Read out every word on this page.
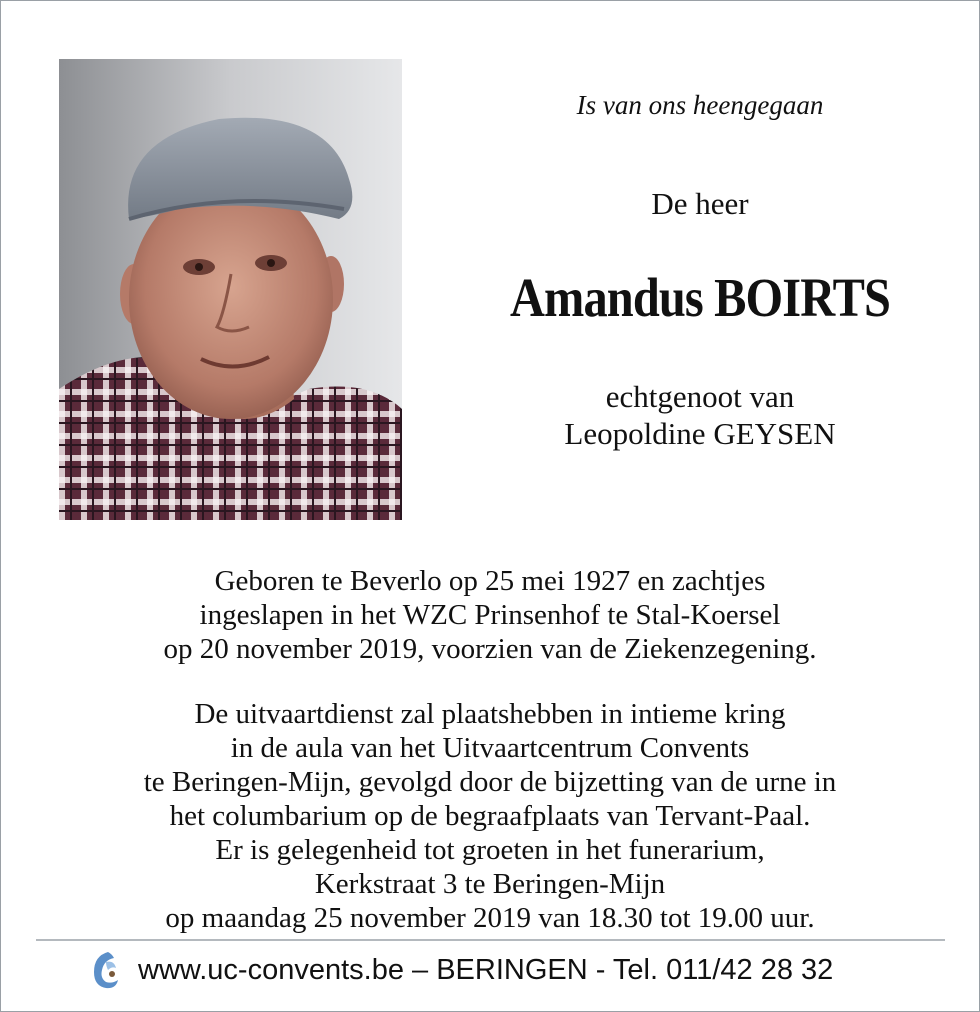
Is van ons heengegaan
De heer
Amandus BOIRTS
echtgenoot van
Leopoldine GEYSEN
Geboren te Beverlo op 25 mei 1927 en zachtjes
ingeslapen in het WZC Prinsenhof te Stal-Koersel
op 20 november 2019, voorzien van de Ziekenzegening.
De uitvaartdienst zal plaatshebben in intieme kring
in de aula van het Uitvaartcentrum Convents
te Beringen-Mijn, gevolgd door de bijzetting van de urne in
het columbarium op de begraafplaats van Tervant-Paal.
Er is gelegenheid tot groeten in het funerarium,
Kerkstraat 3 te Beringen-Mijn
op maandag 25 november 2019 van 18.30 tot 19.00 uur.
www.uc-convents.be – BERINGEN - Tel. 011/42 28 32
